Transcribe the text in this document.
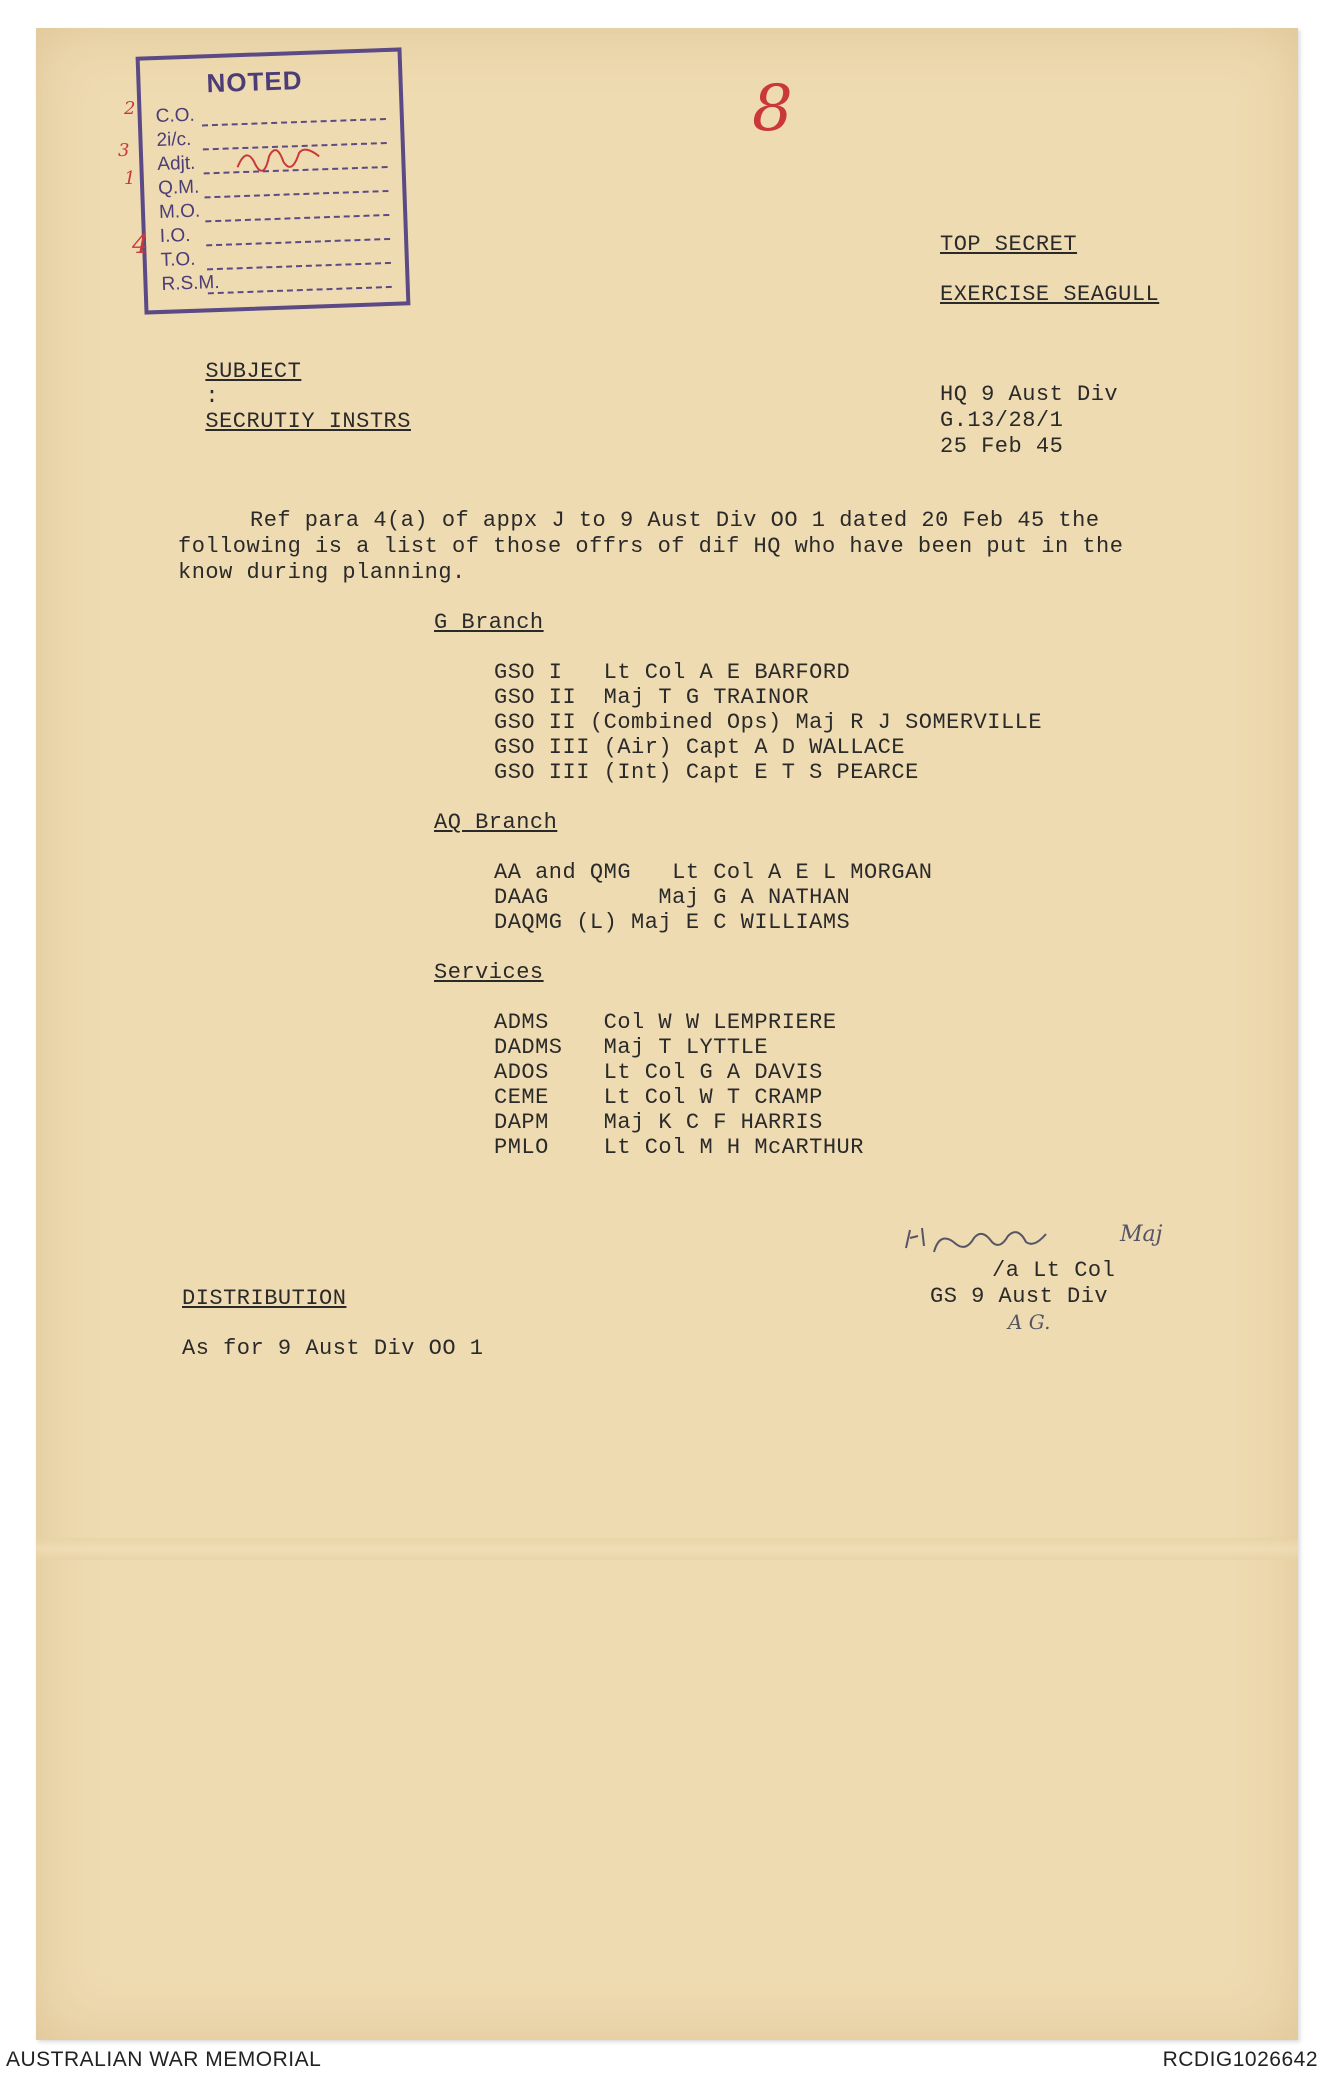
8
NOTED
C.O.
2i/c.
Adjt.
Q.M.
M.O.
I.O.
T.O.
R.S.M.
2
3
1
4	TOP SECRET
EXERCISE SEAGULL

SUBJECT
:
SECRUTIY INSTRS

HQ 9 Aust Div
G.13/28/1
25 Feb 45
Ref para 4(a) of appx J to 9 Aust Div OO 1 dated 20 Feb 45 the
following is a list of those offrs of dif HQ who have been put in the
know during planning.
G Branch
GSO I   Lt Col A E BARFORD
GSO II  Maj T G TRAINOR
GSO II (Combined Ops) Maj R J SOMERVILLE
GSO III (Air) Capt A D WALLACE
GSO III (Int) Capt E T S PEARCE
AQ Branch
AA and QMG   Lt Col A E L MORGAN
DAAG        Maj G A NATHAN
DAQMG (L) Maj E C WILLIAMS
Services
ADMS    Col W W LEMPRIERE
DADMS   Maj T LYTTLE
ADOS    Lt Col G A DAVIS
CEME    Lt Col W T CRAMP
DAPM    Maj K C F HARRIS
PMLO    Lt Col M H McARTHUR
Maj
/a Lt Col
GS 9 Aust Div
A G.
DISTRIBUTION
As for 9 Aust Div OO 1
AUSTRALIAN WAR MEMORIAL	RCDIG1026642
